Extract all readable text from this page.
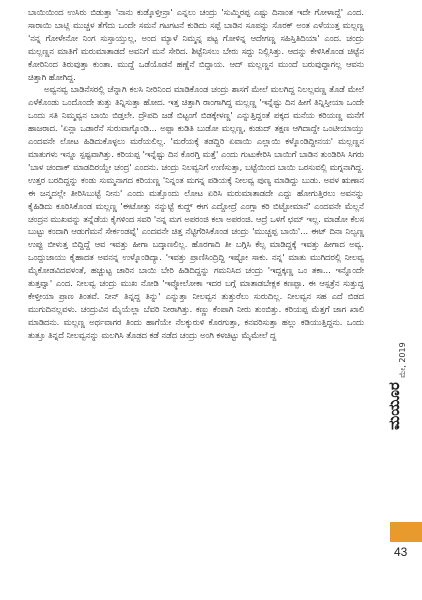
ಬಾಯಿಯಿಂದ ಉಸಿರು ಬಿಡುತ್ತಾ 'ನಾನು ಕುಡ್ಕೊಳ್ತೀನ್ರಾ' ಎನ್ನಲು ಚಂದ್ರು 'ಸುಮ್ಮಿರಪ್ಪ ಎಷ್ಟು ದಿನಾಂತ ಇದೇ ಗೋಳಾದ್ದೆ' ಎಂದ. ಸಾರಾಯಿ ಬಾಟ್ಲಿ ಮುಚ್ಚಳ ತೆಗೆದು ಒಂದೇ ಸಮನೆ ಗಟಗಟನೆ ಕುಡಿದು ಸಪ್ಪೆ ಬಾಡಿನ ಸೂಪನ್ನು ಸೊರಕ್ ಅಂತ ಎಳೆಯುತ್ತ ಮಲ್ಲಣ್ಣ 'ನನ್ನ ಗೋಳೇನೋ ನಿಂಗ ಸುಸ್ತಾಯ್ತುಲ್ಲ, ಅಂದ ಮ್ಯಾಳೆ ನಿಮ್ಮನ್ನ ಪಟ್ಟ ಗೋಳಿನ್ನ ಆದೇಗಣ್ಣ ಸಹಿಸ್ತಿತಿದಿಯಾ' ಎಂದ. ಚಂದ್ರು ಮಲ್ಲಣ್ಣನ ಮಾತಿಗೆ ಮರುಮಾತಾಡದೆ ಅವನಿಗೆ ಮನೆ ಸೇರಿದ. ಶಿಟ್ಟೆನಿಸಲು ಬೇರು ಸದ್ದು ನಿಲ್ಲಿಸಿತ್ತು. ಆದನ್ನು ಕೇಳಿಸಿಕೊಂಡ ಚಿಟ್ಟೆನ ಕೋರಿನಿಂದ ತಿರುವುತ್ತಾ ಕುಂತಾ. ಮುದ್ದೆ ಒಡೆಯೊಡನೆ ಹಣ್ಣೆನೆ ಬಿದ್ದಾಯ. ಆದ್ ಮಲ್ಲಣ್ಣನ ಮುಂದೆ ಬರುವುದ್ದಾಗಲ್ಲ ಆವನು ಚಿತ್ತಾಗಿ ಹೋಗಿದ್ದ.

ಅವ್ವನವ್ವ ಬಾಡಿನೆಸರಲ್ಲಿ ಚೆನ್ನಾಗಿ ಕಲಸಿ ನೀರಿನಿಂದ ಮಾಡಿಕೊಂಡ ಚಂದ್ರು ಶಾಸಗೆ ಮೇಲೆ ಮಲಗಿದ್ದ ನಿಲಲ್ಲವಣ್ಣ ತೊಡೆ ಮೇಲೆ ಎಳೆಕೊಂಡು ಒಂದೊಂದೇ ತುತ್ತು ತಿನ್ನಿಸುತ್ತಾ ಹೋದ. ಇತ್ತ ಚಿತ್ತಾಗಿ ರಾಂಗಾಗಿದ್ದ ಮಲ್ಲಣ್ಣ 'ಇನ್ನೆಷ್ಟು ದಿನ ಹೀಗೆ ತಿನ್ನಿಸ್ತೀಯಾ ಒಂದೇ ಒಂದು ಸತಿ ನಿಮ್ಮವ್ವನ ಬಾಯಿ ಬಿಡ್ತಲೇ. ದ್ರೌಪದಿ ಜಡೆ ಬಿಟ್ಟಂಗೆ ಬಿಡಕ್ಕೇಳಣ್ಣ' ಎನ್ನುತ್ತಿದ್ದಂತೆ ಪಕ್ಕದ ಮನೆಯ ಕರಿಯಣ್ಣ ಮನೆಗೆ ಹಾಜರಾದ. 'ಏನ್ಲಾ ಒಡಾರೆನೆ ಸುರುವಾಗ್ಕೊಂಡಿ... ಅಪ್ಪಾ ಕುಡಿತಿ ಬುಡೋ ಮಲ್ಲಣ್ಣ, ಕುಡುದ್ ತಕ್ಷಣ ಆಗಿದಾದ್ದೇ ಒಂಟೀಯಾಯ್ತು ಎಂದವನೇ ಲೋಟ ಹಿಡಿದುಕೊಳ್ಳಲು ಮರೆಯಲಿಲ್ಲ. 'ಮರೆಯಕ್ಕೆ ತಡದ್ದಿರಿ ಏವಾಯಿ ಎಲ್ಲಾಯಿ ಕಳ್ಕೊಂಡಿದ್ದೀನಯ' ಮಲ್ಲಣ್ಣನ ಮಾತುಗಳು ಇನ್ನೂ ಸ್ಪಷ್ಟವಾಗಿತ್ತು. ಕರಿಯಪ್ಪ 'ಇನ್ನೆಷ್ಟು ದಿನ ಕೊರಗ್ತಿ ಮತ್ತೆ' ಎಂದು ಗುಟುಕೇರಿಸಿ ಬಾಯಿಗೆ ಬಾಡಿನ ತುಂಡಿರಿಸಿ ಸಿಗರು 'ಬಾಳ ಚಂದಾಕ್ ಮಾಡದಿರಯ್ದೇ ಚಂದ್ರ' ಎಂದನು. ಚಂದ್ರು ನಿಲವ್ವನಿಗೆ ಉಣಿಸುತ್ತಾ, ಬಟ್ಟೆಯಿಂದ ಬಾಯಿ ಒರಸುವಲ್ಲಿ ಮಗ್ನನಾಗಿದ್ದ. ಉತ್ತರ ಬರದಿದ್ದನ್ನು ಕಂಡು ಸುಮ್ಮನಾಗದ ಕರಿಯಣ್ಣ 'ನಿನ್ನಂತ ಮಗನ್ನ ಪಡಿಯಕ್ಕೆ ನೀಲವ್ವ ಪುಣ್ಯ ಮಾಡಿದ್ದು ಬುಡು. ಅವಳ ಋಣಾನ ಈ ಜನ್ಮದಲ್ಲೇ ತೀರಿಸಿಬುಟ್ಟೆ ನೀನು' ಎಂದು ಮತ್ತೊಂದು ಲೋಟ ಏರಿಸಿ ಮರುಮಾತಾಡದೇ ಎದ್ದು ಹೋಗುತ್ತಿರಲು ಅವನನ್ನು ಕೈಹಿಡಿದು ಕೂರಿಸಿಕೊಂಡ ಮಲ್ಲಣ್ಣ 'ಈಟೋತ್ತು ನನ್ನುಟ್ಟೆ ಕುದ್ದ್ ಈಗ ಎದ್ದೋದ್ರೆ ಎಂಗ್ಲಾ ಕರಿ ಬಿಟ್ಟೋಮಾನೆ' ಎಂದವನೇ ಮೆಲ್ಲನೆ ಚಂದ್ರನ ಮುಖವನ್ನು ತನ್ನೆಡೆಯ ಕೈಗಳಿಂದ ಸವರಿ 'ನನ್ನ ಮಗ ಅಪರಂಜಿ ಕಲಾ ಅಪರಂಜಿ. ಆದ್ರೆ ಒಳಗೆ ಛಮ್ ಇಲ್ಲ. ಮಾಡೋ ಕೆಲಸ ಬುಟ್ಟು ಕಂದಾಗಿ ಆಡುಗೆಮನೆ ಸೇರ್ಕಂಡವ್ನೆ' ಎಂದವನೇ ಚಿತ್ತ ನೆಟ್ಟಿಗೆರಿಸಿಕೊಂಡ ಚಂದ್ರು 'ಮುಚ್ಚಪ್ಪ ಬಾಯಿ'... ಈಟ್ ದಿನಾ ನಿಲ್ವಣ್ಣ ಉಪ್ಪು ಬೀಳುತ್ತ ಬಿದ್ದಿದ್ದೆ ಆವ ಇವತ್ತು ಹೀಗಾ ಬದ್ಕಾಣಲಿಲ್ಲ. ಹೊರಗಾದಿ ತೀ ಬಗ್ಗಿಸಿ ಕೆಲ್ಸ ಮಾಡಿದ್ದಕ್ಕೆ ಇವತ್ತು ಹೀಗಾದ ಅವ್ವ. ಒಂದ್ದುಜಾಯು ಕೈಹಾದತ ಅವನನ್ನ ಉಳ್ಕೊಂಡಿದ್ಯಾ. 'ಇವತ್ತು ಪ್ರಾಣಿಸಿಂದ್ರಿದ್ದಿ ಇಷ್ಟೋ ಸಾಕು. ನನ್ನ' ಮಾತು ಮುಗಿದರಲ್ಲಿ ನೀಲವ್ವ ಮೈಕೋಡವಿದವಳಂತೆ, ಹಚ್ಚುಟ್ಟ ಚಾರಿನ ಬಾಯಿ ಬೇರಿ ಹಿಡಿದಿದ್ದನ್ನು ಗಮನಿಸಿದ ಚಂದ್ರು 'ಇದ್ದಕ್ಕಣ್ಣ ಒಂ ತಕಾ... ಇನ್ನೊಂದೇ ತುತ್ತವ್ವಾ' ಎಂದ. ನೀಲವ್ವ ಚಂದ್ರು ಮುಖ ನೋಡಿ 'ಇವ್ಕೋಲೋಕಾ ಇದರ ಬಗ್ಗೆ ಮಾತಾಡಬೇಕ್ಲಕ ಕಣಪ್ಪಾ. ಈ ಆಸ್ಪತ್ರೆನ ಸುತ್ತುದ್ದ ಕೇಳ್ತೀಯಾ ಪ್ರಾಣ ತಿಂತವೆ. ನೀನ್ ತಿನ್ನದ್ದ ತಿನ್ನು' ಎನ್ನುತ್ತಾ ನೀಲವ್ವನ ತುತ್ತುರೆಲು ಸುರುದಿಲ್ಲ. ನೀಲವ್ವನ ಸಹ ಎದೆ ಬಿಡದ ಮುಗುದಿನಲ್ಲವಳು. ಚಂದ್ರುವಿನ ಮೈಯೆಲ್ಲಾ ಬೆವರಿ ನೀರಾಗಿತ್ತು. ಕಣ್ಣು ಕೆಂಪಾಗಿ ನೀರು ತುಂಬಿತ್ತು. ಕರಿಯಪ್ಪ ಮೆತ್ತಗೆ ಜಾಗ ಖಾಲಿ ಮಾಡಿದನು. ಮಲ್ಲಣ್ಣ ಅರ್ಥವಾಗರ ತಿಂದು ಹಾಗೆಯೇ ನೆಲಕ್ಕುರುಳಿ ಕೊರಗುತ್ತಾ, ಕನವರಿಸುತ್ತಾ ಹಲ್ಲು ಕಡಿಯುತ್ತಿದ್ದನು. ಒಂದು ತುತ್ತೂ ತಿನ್ನದೆ ನೀಲವ್ವನನ್ನು ಮಲಗಿಸಿ ತೊಡದ ಕಡೆ ನಡೆದ ಚಂದ್ರು ಅಂಗಿ ಕಳಚಿಟ್ಟು ಮೈಮೇಲೆ ದ್ದ

ಮಯೂರ
ಮೇ, 2019
43
